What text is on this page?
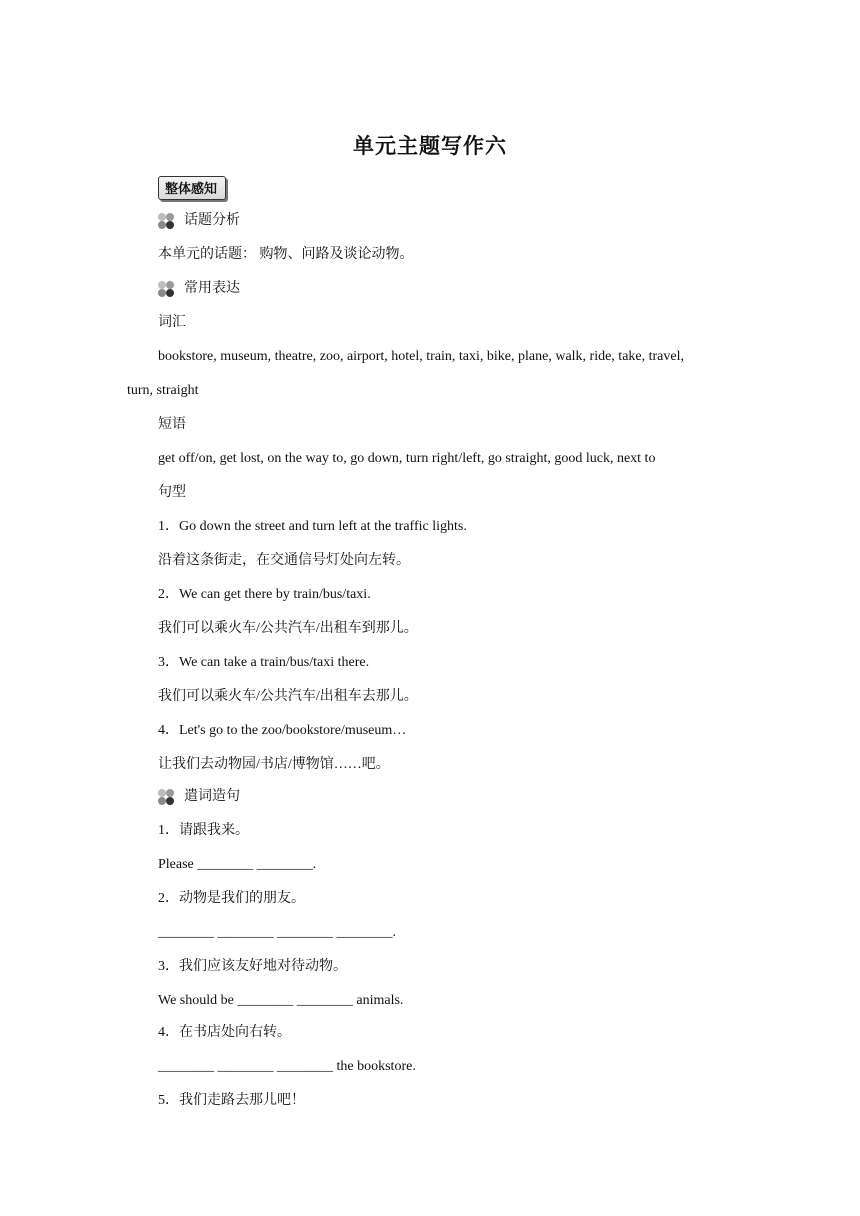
单元主题写作六
整体感知
话题分析
本单元的话题： 购物、问路及谈论动物。
常用表达
词汇
bookstore, museum, theatre, zoo, airport, hotel, train, taxi, bike, plane, walk, ride, take, travel,
turn, straight
短语
get off/on, get lost, on the way to, go down, turn right/left, go straight, good luck, next to
句型
1．Go down the street and turn left at the traffic lights.
沿着这条街走，在交通信号灯处向左转。
2．We can get there by train/bus/taxi.
我们可以乘火车/公共汽车/出租车到那儿。
3．We can take a train/bus/taxi there.
我们可以乘火车/公共汽车/出租车去那儿。
4．Let's go to the zoo/bookstore/museum…
让我们去动物园/书店/博物馆……吧。
遣词造句
1．请跟我来。
Please ________ ________.
2．动物是我们的朋友。
________ ________ ________ ________.
3．我们应该友好地对待动物。
We should be ________ ________ animals.
4．在书店处向右转。
________ ________ ________ the bookstore.
5．我们走路去那儿吧！
